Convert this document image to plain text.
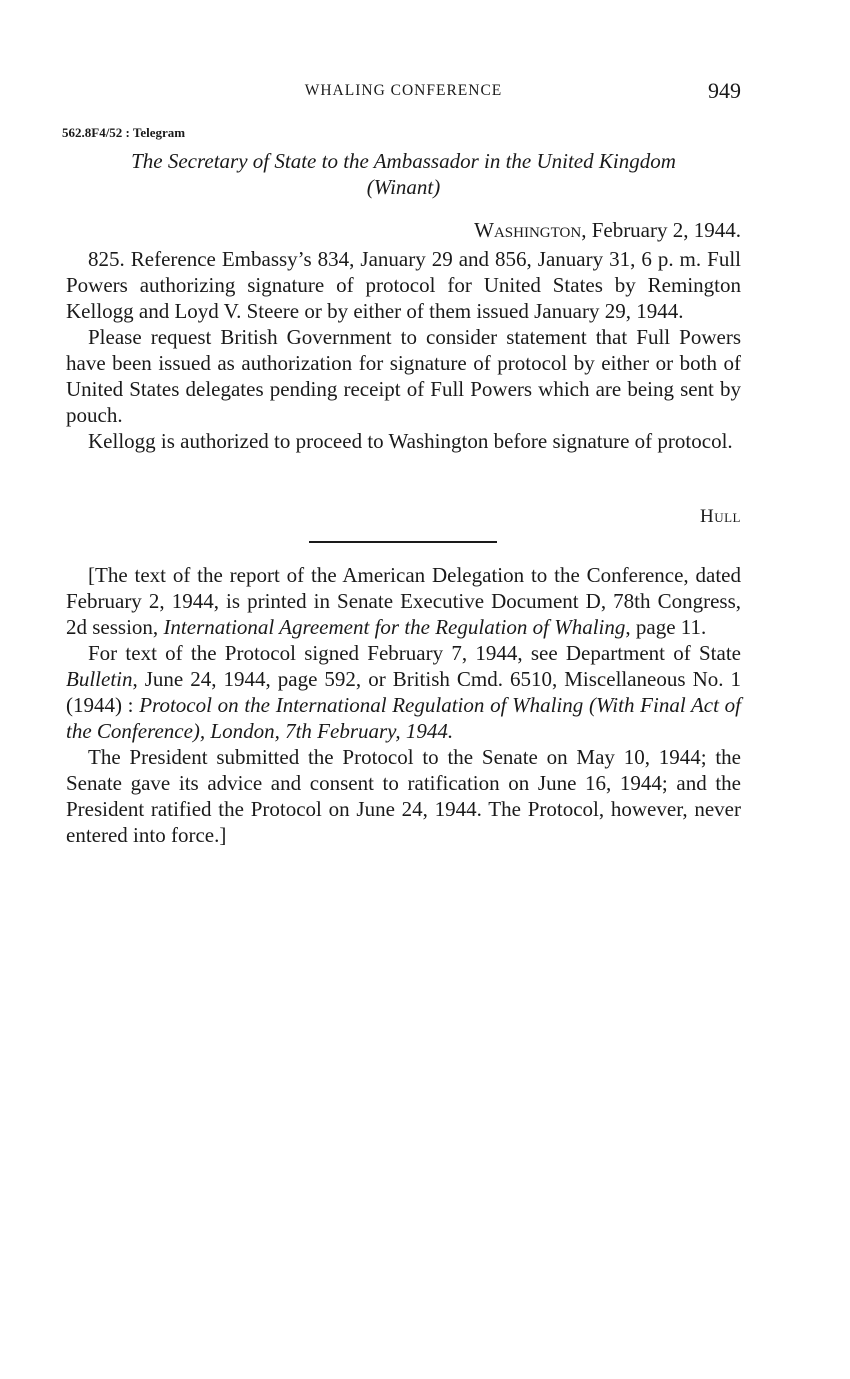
WHALING CONFERENCE	949
562.8F4/52 : Telegram
The Secretary of State to the Ambassador in the United Kingdom
(Winant)
Washington, February 2, 1944.

825. Reference Embassy’s 834, January 29 and 856, January 31, 6 p. m. Full Powers authorizing signature of protocol for United States by Remington Kellogg and Loyd V. Steere or by either of them issued January 29, 1944.

Please request British Government to consider statement that Full Powers have been issued as authorization for signature of protocol by either or both of United States delegates pending receipt of Full Powers which are being sent by pouch.

Kellogg is authorized to proceed to Washington before signature of protocol.

Hull

[The text of the report of the American Delegation to the Conference, dated February 2, 1944, is printed in Senate Executive Document D, 78th Congress, 2d session, International Agreement for the Regulation of Whaling, page 11.

For text of the Protocol signed February 7, 1944, see Department of State Bulletin, June 24, 1944, page 592, or British Cmd. 6510, Miscellaneous No. 1 (1944) : Protocol on the International Regulation of Whaling (With Final Act of the Conference), London, 7th February, 1944.

The President submitted the Protocol to the Senate on May 10, 1944; the Senate gave its advice and consent to ratification on June 16, 1944; and the President ratified the Protocol on June 24, 1944. The Protocol, however, never entered into force.]
